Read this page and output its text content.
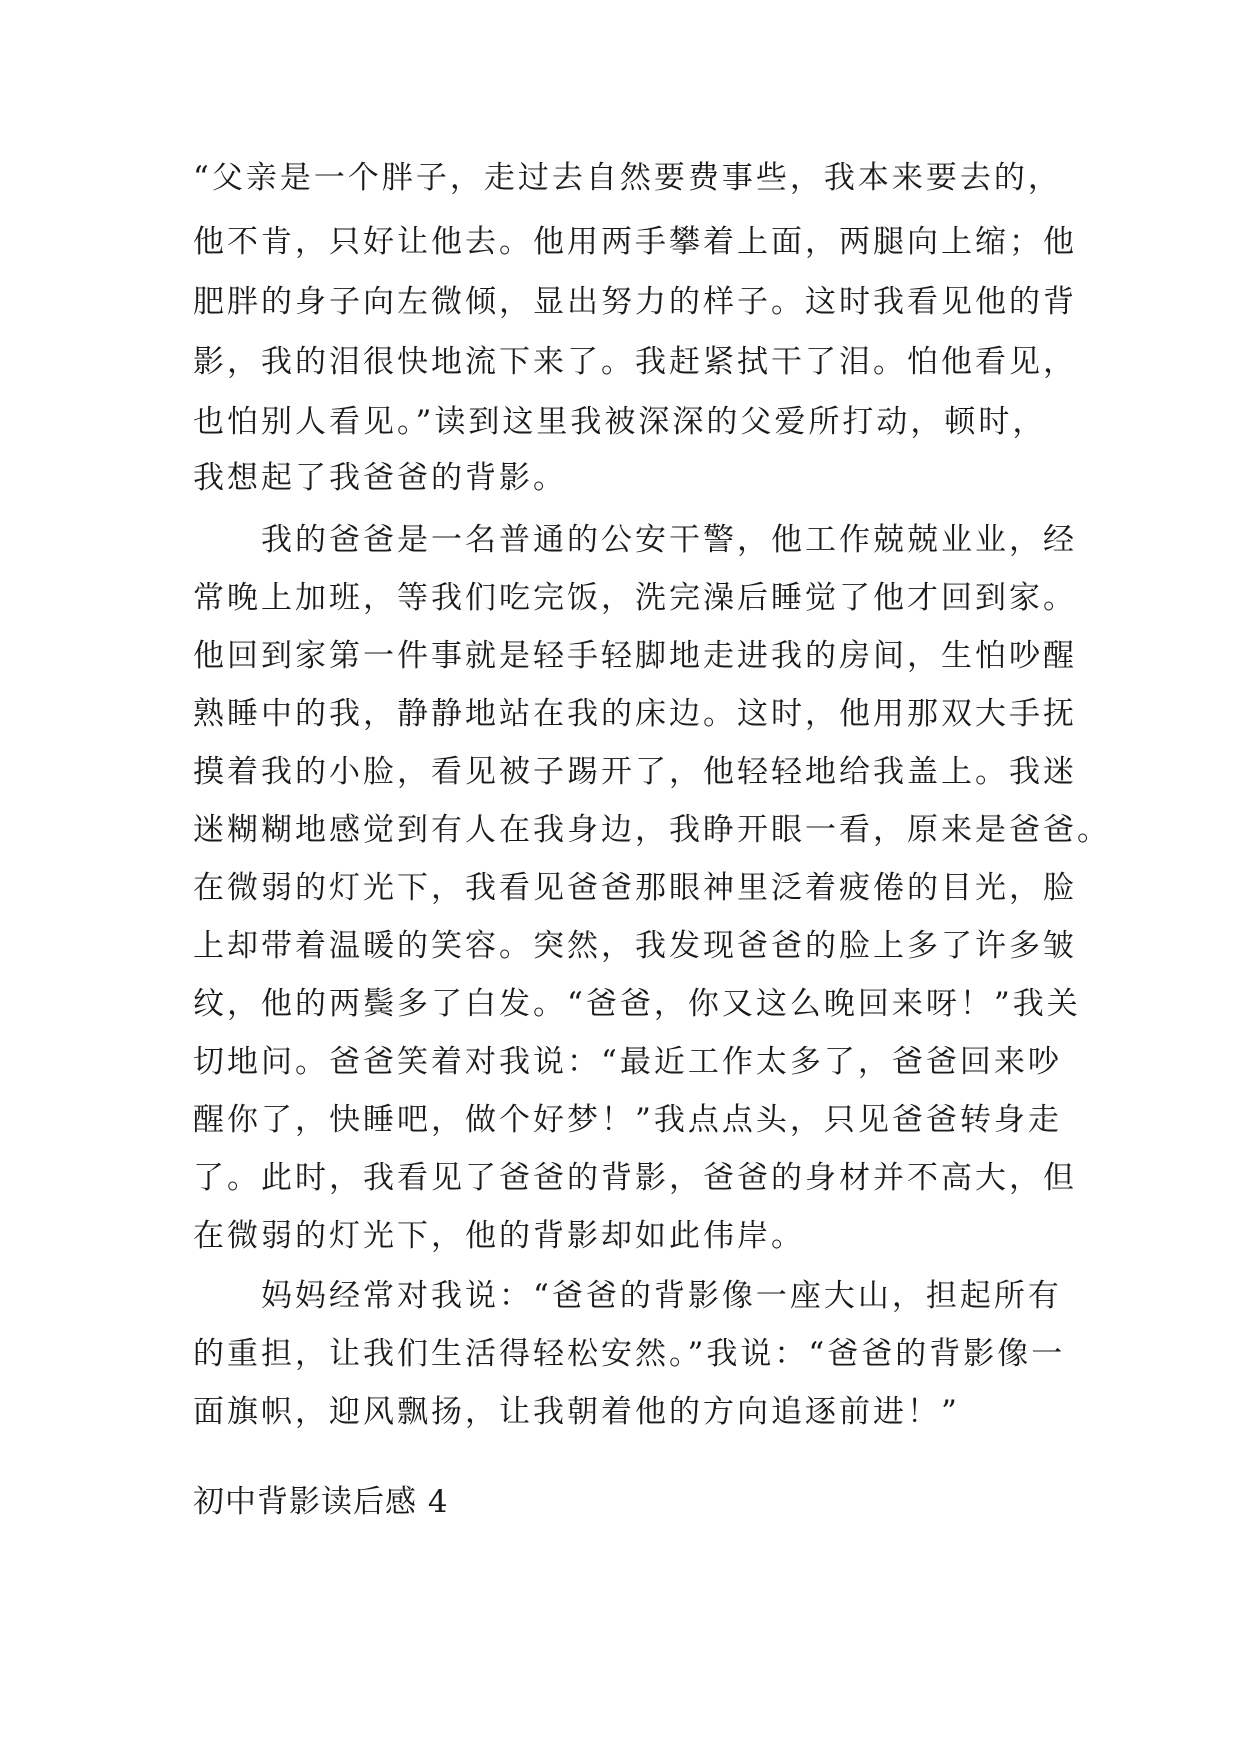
“父亲是一个胖子，走过去自然要费事些，我本来要去的，
他不肯，只好让他去。他用两手攀着上面，两腿向上缩；他
肥胖的身子向左微倾，显出努力的样子。这时我看见他的背
影，我的泪很快地流下来了。我赶紧拭干了泪。怕他看见，
也怕别人看见。”读到这里我被深深的父爱所打动，顿时，
我想起了我爸爸的背影。
　　我的爸爸是一名普通的公安干警，他工作兢兢业业，经
常晚上加班，等我们吃完饭，洗完澡后睡觉了他才回到家。
他回到家第一件事就是轻手轻脚地走进我的房间，生怕吵醒
熟睡中的我，静静地站在我的床边。这时，他用那双大手抚
摸着我的小脸，看见被子踢开了，他轻轻地给我盖上。我迷
迷糊糊地感觉到有人在我身边，我睁开眼一看，原来是爸爸。
在微弱的灯光下，我看见爸爸那眼神里泛着疲倦的目光，脸
上却带着温暖的笑容。突然，我发现爸爸的脸上多了许多皱
纹，他的两鬓多了白发。“爸爸，你又这么晚回来呀！”我关
切地问。爸爸笑着对我说：“最近工作太多了，爸爸回来吵
醒你了，快睡吧，做个好梦！”我点点头，只见爸爸转身走
了。此时，我看见了爸爸的背影，爸爸的身材并不高大，但
在微弱的灯光下，他的背影却如此伟岸。
　　妈妈经常对我说：“爸爸的背影像一座大山，担起所有
的重担，让我们生活得轻松安然。”我说：“爸爸的背影像一
面旗帜，迎风飘扬，让我朝着他的方向追逐前进！”
初中背影读后感 4
